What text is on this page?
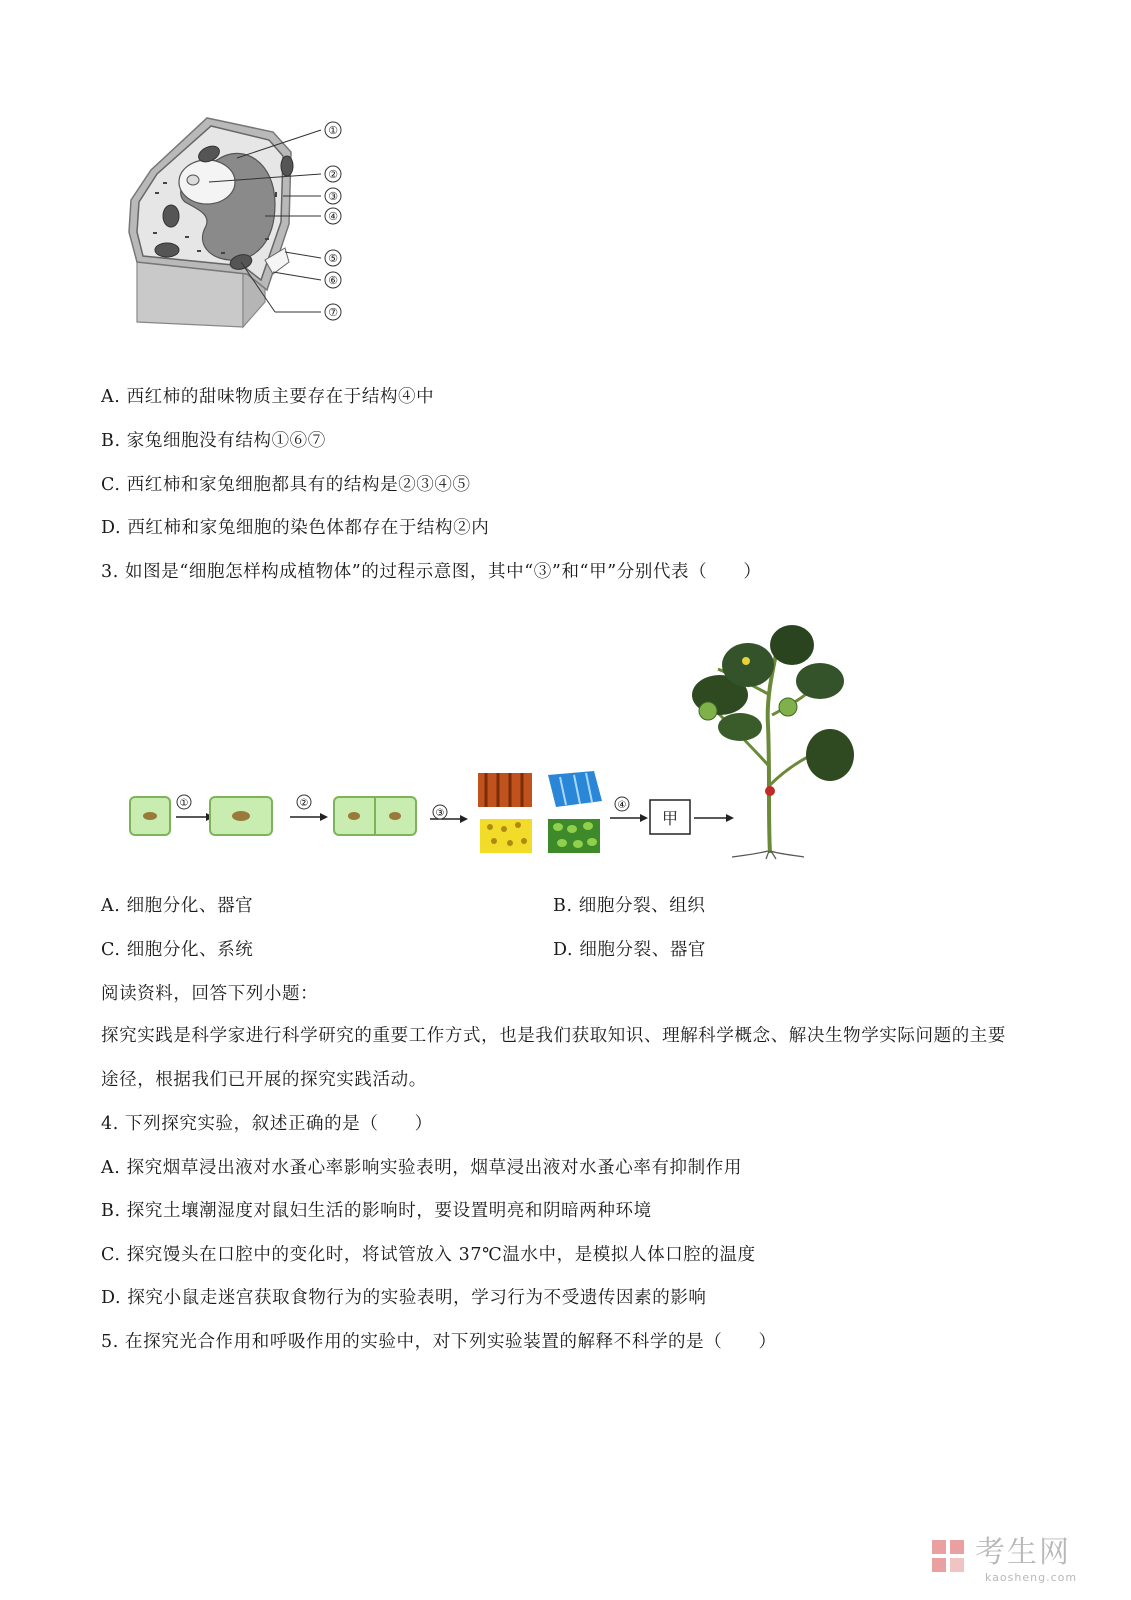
①
②
③
④
⑤
⑥
⑦
A. 西红柿的甜味物质主要存在于结构④中
B. 家兔细胞没有结构①⑥⑦
C. 西红柿和家兔细胞都具有的结构是②③④⑤
D. 西红柿和家兔细胞的染色体都存在于结构②内
3. 如图是“细胞怎样构成植物体”的过程示意图，其中“③”和“甲”分别代表（　　）
①	②
③
④
甲
A. 细胞分化、器官	B. 细胞分裂、组织
C. 细胞分化、系统	D. 细胞分裂、器官
阅读资料，回答下列小题：
探究实践是科学家进行科学研究的重要工作方式，也是我们获取知识、理解科学概念、解决生物学实际问题的主要途径，根据我们已开展的探究实践活动。
4. 下列探究实验，叙述正确的是（　　）
A. 探究烟草浸出液对水蚤心率影响实验表明，烟草浸出液对水蚤心率有抑制作用
B. 探究土壤潮湿度对鼠妇生活的影响时，要设置明亮和阴暗两种环境
C. 探究馒头在口腔中的变化时，将试管放入 37℃温水中，是模拟人体口腔的温度
D. 探究小鼠走迷宫获取食物行为的实验表明，学习行为不受遗传因素的影响
5. 在探究光合作用和呼吸作用的实验中，对下列实验装置的解释不科学的是（　　）
考生网
kaosheng.com
